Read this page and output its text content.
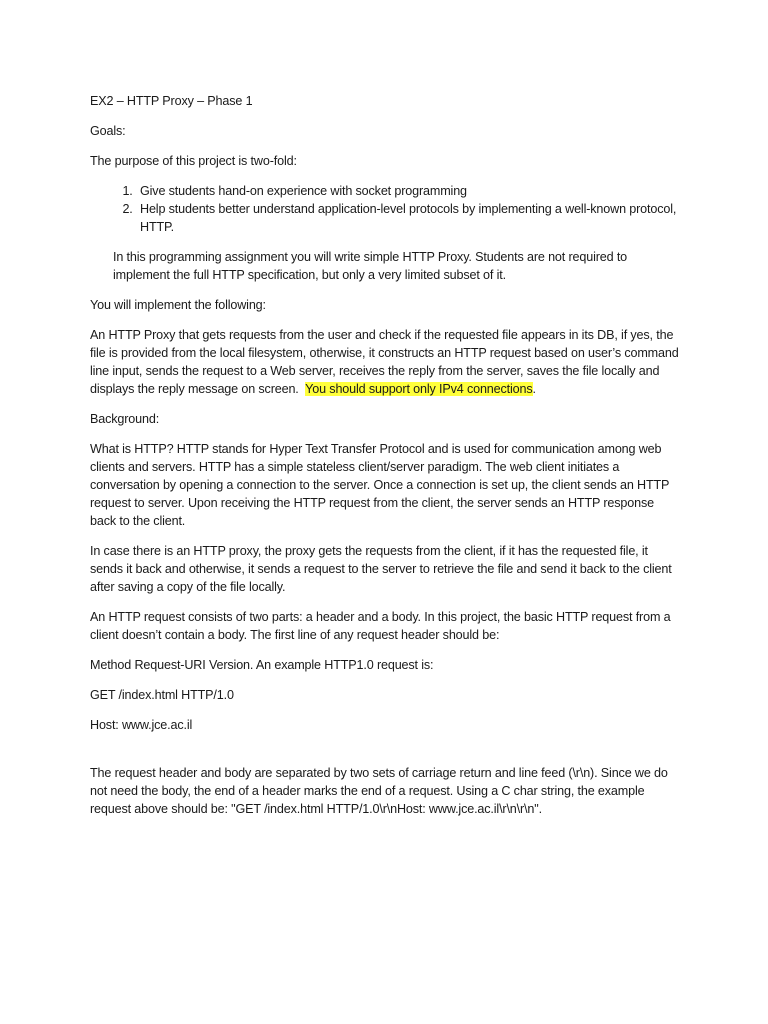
EX2 – HTTP Proxy – Phase 1

Goals:

The purpose of this project is two-fold:

1. Give students hand-on experience with socket programming
2. Help students better understand application-level protocols by implementing a well-known protocol, HTTP.

In this programming assignment you will write simple HTTP Proxy. Students are not required to implement the full HTTP specification, but only a very limited subset of it.

You will implement the following:

An HTTP Proxy that gets requests from the user and check if the requested file appears in its DB, if yes, the file is provided from the local filesystem, otherwise, it constructs an HTTP request based on user’s command line input, sends the request to a Web server, receives the reply from the server, saves the file locally and displays the reply message on screen. You should support only IPv4 connections.

Background:

What is HTTP? HTTP stands for Hyper Text Transfer Protocol and is used for communication among web clients and servers. HTTP has a simple stateless client/server paradigm. The web client initiates a conversation by opening a connection to the server. Once a connection is set up, the client sends an HTTP request to server. Upon receiving the HTTP request from the client, the server sends an HTTP response back to the client.

In case there is an HTTP proxy, the proxy gets the requests from the client, if it has the requested file, it sends it back and otherwise, it sends a request to the server to retrieve the file and send it back to the client after saving a copy of the file locally.

An HTTP request consists of two parts: a header and a body. In this project, the basic HTTP request from a client doesn’t contain a body. The first line of any request header should be:

Method Request-URI Version. An example HTTP1.0 request is:

GET /index.html HTTP/1.0

Host: www.jce.ac.il

The request header and body are separated by two sets of carriage return and line feed (\r\n). Since we do not need the body, the end of a header marks the end of a request. Using a C char string, the example request above should be: "GET /index.html HTTP/1.0\r\nHost: www.jce.ac.il\r\n\r\n".
